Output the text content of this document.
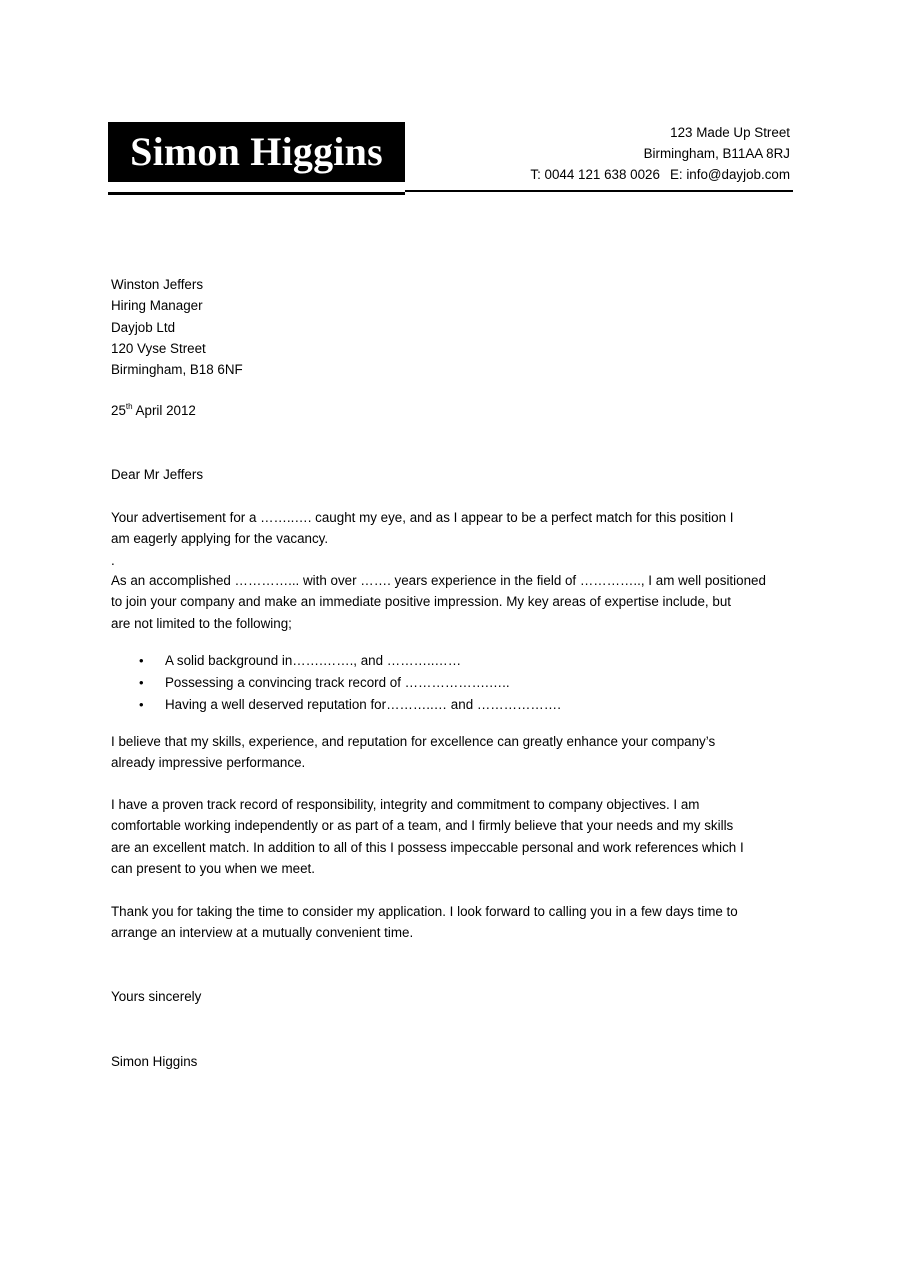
Simon Higgins	123 Made Up Street
Birmingham, B11AA 8RJ
T: 0044 121 638 0026 E: info@dayjob.com

Winston Jeffers

Hiring Manager

Dayjob Ltd

120 Vyse Street

Birmingham, B18 6NF

25th April 2012

Dear Mr Jeffers

Your advertisement for a ……..…. caught my eye, and as I appear to be a perfect match for this position I

am eagerly applying for the vacancy.

.

As an accomplished …………... with over ……. years experience in the field of ………….., I am well positioned

to join your company and make an immediate positive impression. My key areas of expertise include, but

are not limited to the following;

• A solid background in…….……., and ………..……
• Possessing a convincing track record of ……………….…..
• Having a well deserved reputation for………..… and ……………….

I believe that my skills, experience, and reputation for excellence can greatly enhance your company’s

already impressive performance.

I have a proven track record of responsibility, integrity and commitment to company objectives. I am

comfortable working independently or as part of a team, and I firmly believe that your needs and my skills

are an excellent match. In addition to all of this I possess impeccable personal and work references which I

can present to you when we meet.

Thank you for taking the time to consider my application. I look forward to calling you in a few days time to

arrange an interview at a mutually convenient time.

Yours sincerely

Simon Higgins
